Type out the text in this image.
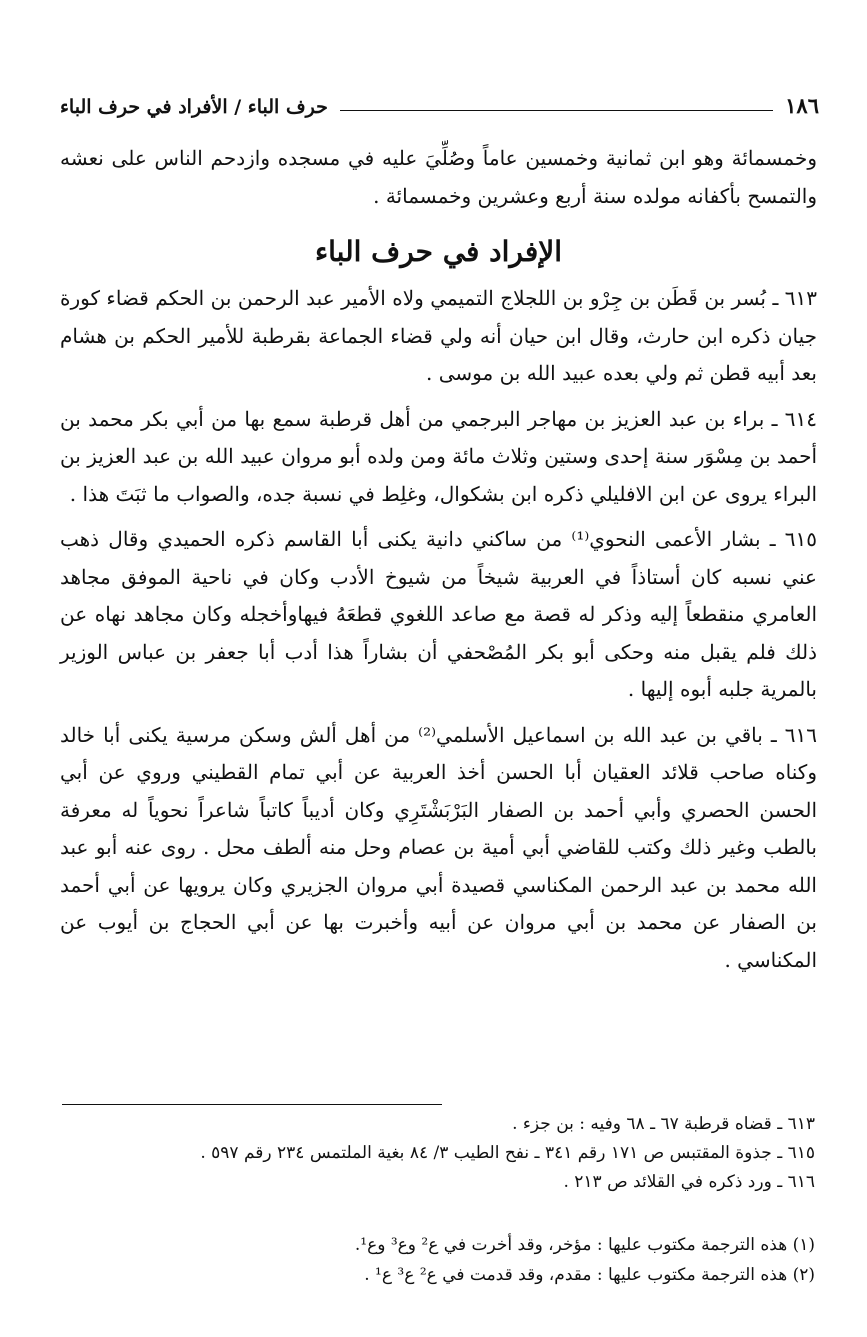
١٨٦
حرف الباء / الأفراد في حرف الباء

وخمسمائة وهو ابن ثمانية وخمسين عاماً وصُلِّيَ عليه في مسجده وازدحم الناس على نعشه والتمسح بأكفانه مولده سنة أربع وعشرين وخمسمائة .

الإفراد في حرف الباء

٦١٣ ـ بُسر بن قَطَن بن جِرْو بن اللجلاج التميمي ولاه الأمير عبد الرحمن بن الحكم قضاء كورة جيان ذكره ابن حارث، وقال ابن حيان أنه ولي قضاء الجماعة بقرطبة للأمير الحكم بن هشام بعد أبيه قطن ثم ولي بعده عبيد الله بن موسى .

٦١٤ ـ براء بن عبد العزيز بن مهاجر البرجمي من أهل قرطبة سمع بها من أبي بكر محمد بن أحمد بن مِسْوَر سنة إحدى وستين وثلاث مائة ومن ولده أبو مروان عبيد الله بن عبد العزيز بن البراء يروى عن ابن الافليلي ذكره ابن بشكوال، وغلِط في نسبة جده، والصواب ما ثبَتَ هذا .

٦١٥ ـ بشار الأعمى النحوي⁽¹⁾ من ساكني دانية يكنى أبا القاسم ذكره الحميدي وقال ذهب عني نسبه كان أستاذاً في العربية شيخاً من شيوخ الأدب وكان في ناحية الموفق مجاهد العامري منقطعاً إليه وذكر له قصة مع صاعد اللغوي قطعَهُ فيهاوأخجله وكان مجاهد نهاه عن ذلك فلم يقبل منه وحكى أبو بكر المُصْحفي أن بشاراً هذا أدب أبا جعفر بن عباس الوزير بالمرية جلبه أبوه إليها .

٦١٦ ـ باقي بن عبد الله بن اسماعيل الأسلمي⁽²⁾ من أهل ألش وسكن مرسية يكنى أبا خالد وكناه صاحب قلائد العقيان أبا الحسن أخذ العربية عن أبي تمام القطيني وروي عن أبي الحسن الحصري وأبي أحمد بن الصفار البَرْبَشْتَرِي وكان أديباً كاتباً شاعراً نحوياً له معرفة بالطب وغير ذلك وكتب للقاضي أبي أمية بن عصام وحل منه ألطف محل . روى عنه أبو عبد الله محمد بن عبد الرحمن المكناسي قصيدة أبي مروان الجزيري وكان يرويها عن أبي أحمد بن الصفار عن محمد بن أبي مروان عن أبيه وأخبرت بها عن أبي الحجاج بن أيوب عن المكناسي .

٦١٣ ـ قضاه قرطبة ٦٧ ـ ٦٨ وفيه : بن جزء .

٦١٥ ـ جذوة المقتبس ص ١٧١ رقم ٣٤١ ـ نفح الطيب ٣/ ٨٤ بغية الملتمس ٢٣٤ رقم ٥٩٧ .

٦١٦ ـ ورد ذكره في القلائد ص ٢١٣ .

(١) هذه الترجمة مكتوب عليها : مؤخر، وقد أخرت في ع² وع³ وع¹.

(٢) هذه الترجمة مكتوب عليها : مقدم، وقد قدمت في ع² ع³ ع¹ .
